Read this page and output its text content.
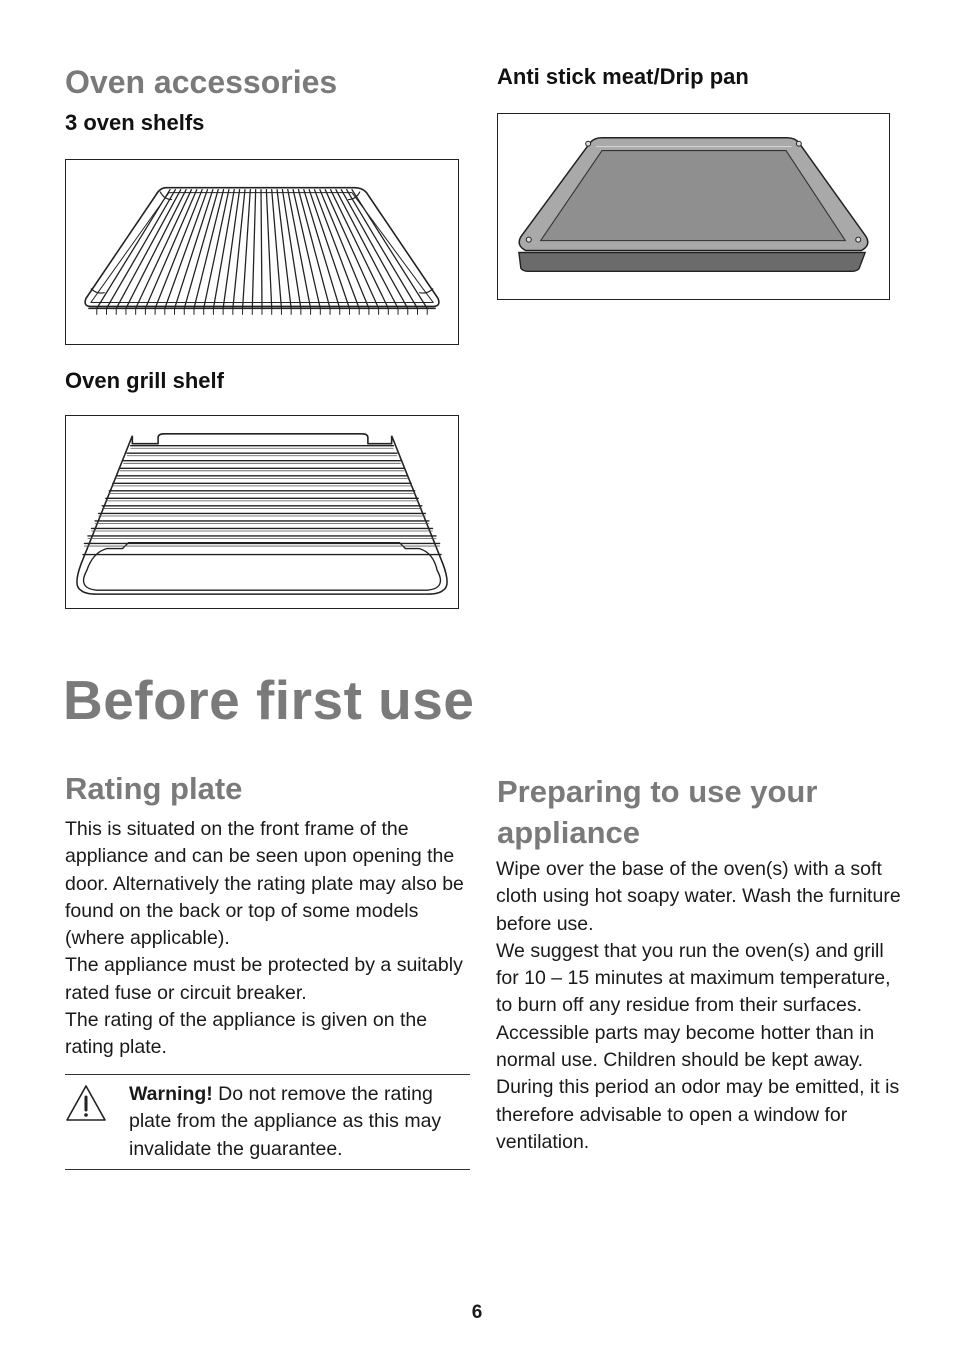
Oven accessories
3 oven shelfs
Oven grill shelf
Anti stick meat/Drip pan
Before first use
Rating plate

This is situated on the front frame of the appliance and can be seen upon opening the door. Alternatively the rating plate may also be found on the back or top of some models (where applicable).

The appliance must be protected by a suitably rated fuse or circuit breaker.

The rating of the appliance is given on the rating plate.

Warning! Do not remove the rating plate from the appliance as this may invalidate the guarantee.

Preparing to use your appliance

Wipe over the base of the oven(s) with a soft cloth using hot soapy water. Wash the furniture before use.

We suggest that you run the oven(s) and grill for 10 – 15 minutes at maximum temperature, to burn off any residue from their surfaces.

Accessible parts may become hotter than in normal use. Children should be kept away.

During this period an odor may be emitted, it is therefore advisable to open a window for ventilation.

6
